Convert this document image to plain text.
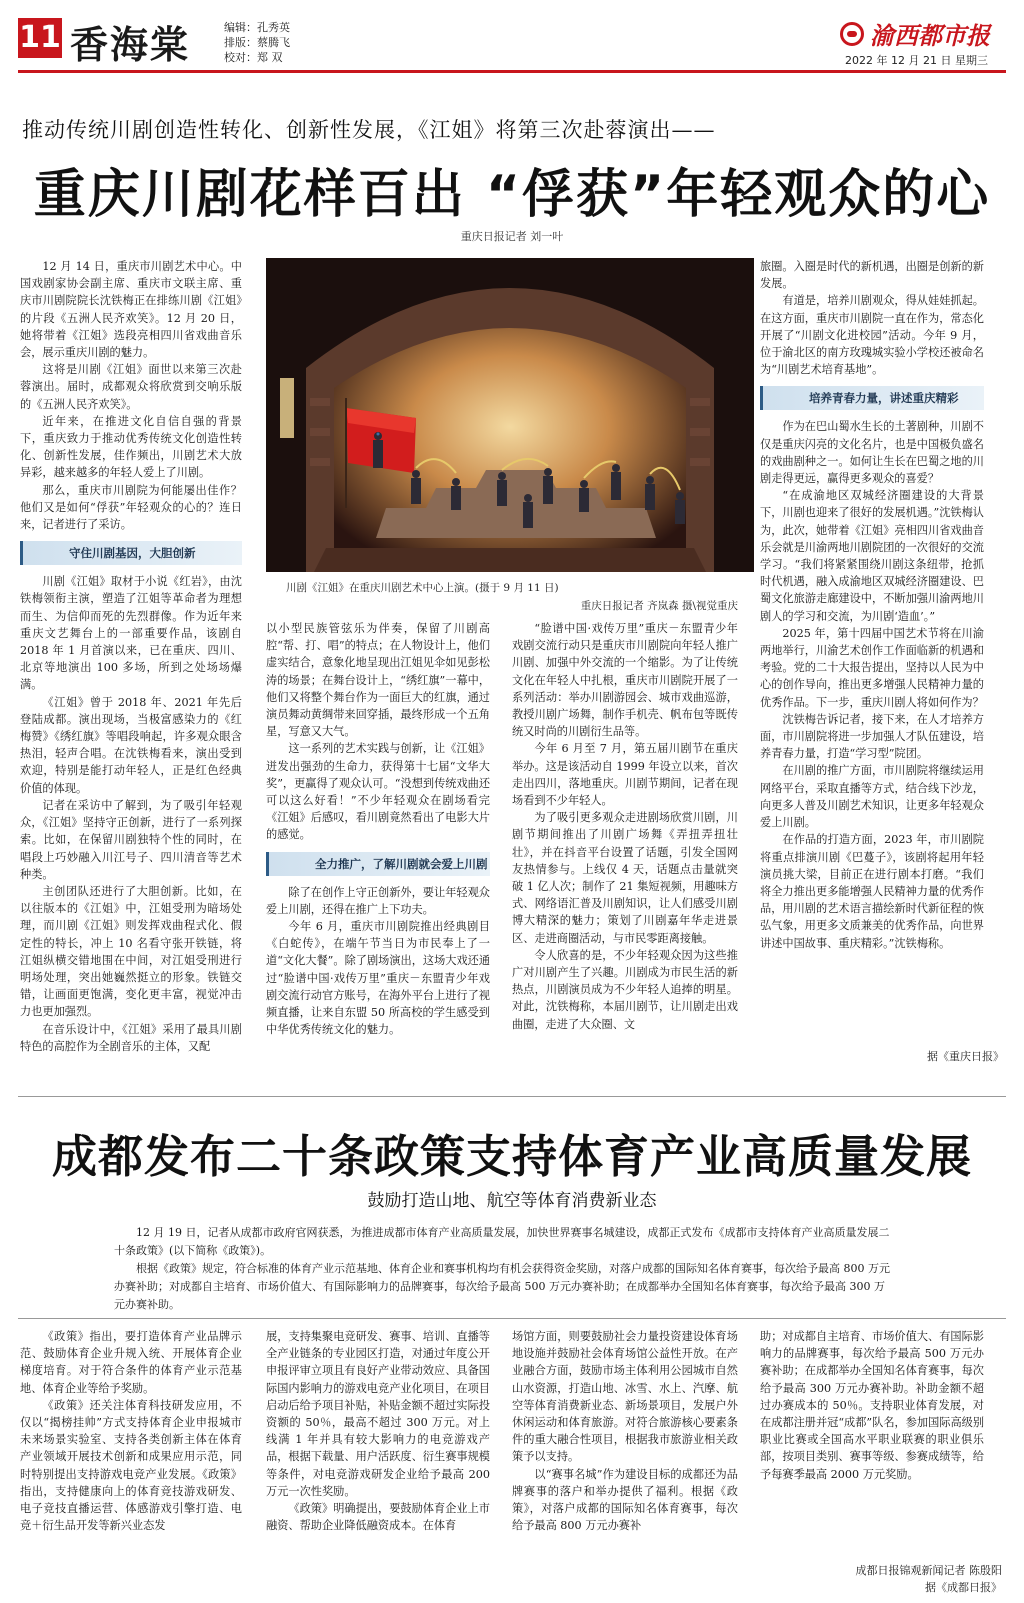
11 香海棠	编辑：孔秀英
排版：蔡腾飞
校对：郑 双
渝西都市报
2022 年 12 月 21 日 星期三
推动传统川剧创造性转化、创新性发展，《江姐》将第三次赴蓉演出——
重庆川剧花样百出 “俘获”年轻观众的心
重庆日报记者 刘一叶

12 月 14 日，重庆市川剧艺术中心。中国戏剧家协会副主席、重庆市文联主席、重庆市川剧院院长沈铁梅正在排练川剧《江姐》的片段《五洲人民齐欢笑》。12 月 20 日，她将带着《江姐》选段亮相四川省戏曲音乐会，展示重庆川剧的魅力。

这将是川剧《江姐》面世以来第三次赴蓉演出。届时，成都观众将欣赏到交响乐版的《五洲人民齐欢笑》。

近年来，在推进文化自信自强的背景下，重庆致力于推动优秀传统文化创造性转化、创新性发展，佳作频出，川剧艺术大放异彩，越来越多的年轻人爱上了川剧。

那么，重庆市川剧院为何能屡出佳作？他们又是如何“俘获”年轻观众的心的？连日来，记者进行了采访。

守住川剧基因，大胆创新

川剧《江姐》取材于小说《红岩》，由沈铁梅领衔主演，塑造了江姐等革命者为理想而生、为信仰而死的先烈群像。作为近年来重庆文艺舞台上的一部重要作品，该剧自 2018 年 1 月首演以来，已在重庆、四川、北京等地演出 100 多场，所到之处场场爆满。

《江姐》曾于 2018 年、2021 年先后登陆成都。演出现场，当极富感染力的《红梅赞》《绣红旗》等唱段响起，许多观众眼含热泪，轻声合唱。在沈铁梅看来，演出受到欢迎，特别是能打动年轻人，正是红色经典价值的体现。

记者在采访中了解到，为了吸引年轻观众，《江姐》坚持守正创新，进行了一系列探索。比如，在保留川剧独特个性的同时，在唱段上巧妙融入川江号子、四川清音等艺术种类。

主创团队还进行了大胆创新。比如，在以往版本的《江姐》中，江姐受刑为暗场处理，而川剧《江姐》则发挥戏曲程式化、假定性的特长，冲上 10 名看守张开铁链，将江姐纵横交错地围在中间，对江姐受刑进行明场处理，突出她巍然挺立的形象。铁链交错，让画面更饱满，变化更丰富，视觉冲击力也更加强烈。

在音乐设计中，《江姐》采用了最具川剧特色的高腔作为全剧音乐的主体，又配

川剧《江姐》在重庆川剧艺术中心上演。(摄于 9 月 11 日)
重庆日报记者 齐岚森 摄\视觉重庆

以小型民族管弦乐为伴奏，保留了川剧高腔“帮、打、唱”的特点；在人物设计上，他们虚实结合，意象化地呈现出江姐见伞如见彭松涛的场景；在舞台设计上，“绣红旗”一幕中，他们又将整个舞台作为一面巨大的红旗，通过演员舞动黄绸带来回穿插，最终形成一个五角星，写意又大气。

这一系列的艺术实践与创新，让《江姐》迸发出强劲的生命力，获得第十七届“文华大奖”，更赢得了观众认可。“没想到传统戏曲还可以这么好看！”不少年轻观众在剧场看完《江姐》后感叹，看川剧竟然看出了电影大片的感觉。

全力推广，了解川剧就会爱上川剧

除了在创作上守正创新外，要让年轻观众爱上川剧，还得在推广上下功夫。

今年 6 月，重庆市川剧院推出经典剧目《白蛇传》，在端午节当日为市民奉上了一道“文化大餐”。除了剧场演出，这场大戏还通过“脸谱中国·戏传万里”重庆－东盟青少年戏剧交流行动官方账号，在海外平台上进行了视频直播，让来自东盟 50 所高校的学生感受到中华优秀传统文化的魅力。

“脸谱中国·戏传万里”重庆－东盟青少年戏剧交流行动只是重庆市川剧院向年轻人推广川剧、加强中外交流的一个缩影。为了让传统文化在年轻人中扎根，重庆市川剧院开展了一系列活动：举办川剧游园会、城市戏曲巡游，教授川剧广场舞，制作手机壳、帆布包等既传统又时尚的川剧衍生品等。

今年 6 月至 7 月，第五届川剧节在重庆举办。这是该活动自 1999 年设立以来，首次走出四川，落地重庆。川剧节期间，记者在现场看到不少年轻人。

为了吸引更多观众走进剧场欣赏川剧，川剧节期间推出了川剧广场舞《弄扭弄扭壮壮》，并在抖音平台设置了话题，引发全国网友热情参与。上线仅 4 天，话题点击量就突破 1 亿人次；制作了 21 集短视频，用趣味方式、网络语汇普及川剧知识，让人们感受川剧博大精深的魅力；策划了川剧嘉年华走进景区、走进商圈活动，与市民零距离接触。

令人欣喜的是，不少年轻观众因为这些推广对川剧产生了兴趣。川剧成为市民生活的新热点，川剧演员成为不少年轻人追捧的明星。对此，沈铁梅称，本届川剧节，让川剧走出戏曲圈，走进了大众圈、文

旅圈。入圈是时代的新机遇，出圈是创新的新发展。

有道是，培养川剧观众，得从娃娃抓起。在这方面，重庆市川剧院一直在作为，常态化开展了“川剧文化进校园”活动。今年 9 月，位于渝北区的南方玫瑰城实验小学校还被命名为“川剧艺术培育基地”。

培养青春力量，讲述重庆精彩

作为在巴山蜀水生长的土著剧种，川剧不仅是重庆闪亮的文化名片，也是中国极负盛名的戏曲剧种之一。如何让生长在巴蜀之地的川剧走得更远，赢得更多观众的喜爱？

“在成渝地区双城经济圈建设的大背景下，川剧也迎来了很好的发展机遇。”沈铁梅认为，此次，她带着《江姐》亮相四川省戏曲音乐会就是川渝两地川剧院团的一次很好的交流学习。“我们将紧紧围绕川剧这条纽带，抢抓时代机遇，融入成渝地区双城经济圈建设、巴蜀文化旅游走廊建设中，不断加强川渝两地川剧人的学习和交流，为川剧‘造血’。”

2025 年，第十四届中国艺术节将在川渝两地举行，川渝艺术创作工作面临新的机遇和考验。党的二十大报告提出，坚持以人民为中心的创作导向，推出更多增强人民精神力量的优秀作品。下一步，重庆川剧人将如何作为？

沈铁梅告诉记者，接下来，在人才培养方面，市川剧院将进一步加强人才队伍建设，培养青春力量，打造“学习型”院团。

在川剧的推广方面，市川剧院将继续运用网络平台，采取直播等方式，结合线下沙龙，向更多人普及川剧艺术知识，让更多年轻观众爱上川剧。

在作品的打造方面，2023 年，市川剧院将重点排演川剧《巴蔓子》，该剧将起用年轻演员挑大梁，目前正在进行剧本打磨。“我们将全力推出更多能增强人民精神力量的优秀作品，用川剧的艺术语言描绘新时代新征程的恢弘气象，用更多文质兼美的优秀作品，向世界讲述中国故事、重庆精彩。”沈铁梅称。

据《重庆日报》
成都发布二十条政策支持体育产业高质量发展
鼓励打造山地、航空等体育消费新业态

12 月 19 日，记者从成都市政府官网获悉，为推进成都市体育产业高质量发展，加快世界赛事名城建设，成都正式发布《成都市支持体育产业高质量发展二十条政策》(以下简称《政策》)。

根据《政策》规定，符合标准的体育产业示范基地、体育企业和赛事机构均有机会获得资金奖励，对落户成都的国际知名体育赛事，每次给予最高 800 万元办赛补助；对成都自主培育、市场价值大、有国际影响力的品牌赛事，每次给予最高 500 万元办赛补助；在成都举办全国知名体育赛事，每次给予最高 300 万元办赛补助。

《政策》指出，要打造体育产业品牌示范、鼓励体育企业升规入统、开展体育企业梯度培育。对于符合条件的体育产业示范基地、体育企业等给予奖励。

《政策》还关注体育科技研发应用，不仅以“揭榜挂帅”方式支持体育企业申报城市未来场景实验室、支持各类创新主体在体育产业领域开展技术创新和成果应用示范，同时特别提出支持游戏电竞产业发展。《政策》指出，支持健康向上的体育竞技游戏研发、电子竞技直播运营、体感游戏引擎打造、电竞＋衍生品开发等新兴业态发

展，支持集聚电竞研发、赛事、培训、直播等全产业链条的专业园区打造，对通过年度公开申报评审立项且有良好产业带动效应、具备国际国内影响力的游戏电竞产业化项目，在项目启动后给予项目补贴，补贴金额不超过实际投资额的 50％，最高不超过 300 万元。对上线满 1 年并具有较大影响力的电竞游戏产品，根据下载量、用户活跃度、衍生赛事规模等条件，对电竞游戏研发企业给予最高 200 万元一次性奖励。

《政策》明确提出，要鼓励体育企业上市融资、帮助企业降低融资成本。在体育

场馆方面，则要鼓励社会力量投资建设体育场地设施并鼓励社会体育场馆公益性开放。在产业融合方面，鼓励市场主体利用公园城市自然山水资源，打造山地、冰雪、水上、汽摩、航空等体育消费新业态、新场景项目，发展户外休闲运动和体育旅游。对符合旅游核心要素条件的重大融合性项目，根据我市旅游业相关政策予以支持。

以“赛事名城”作为建设目标的成都还为品牌赛事的落户和举办提供了福利。根据《政策》，对落户成都的国际知名体育赛事，每次给予最高 800 万元办赛补

助；对成都自主培育、市场价值大、有国际影响力的品牌赛事，每次给予最高 500 万元办赛补助；在成都举办全国知名体育赛事，每次给予最高 300 万元办赛补助。补助金额不超过办赛成本的 50％。支持职业体育发展，对在成都注册并冠“成都”队名，参加国际高级别职业比赛或全国高水平职业联赛的职业俱乐部，按项目类别、赛事等级、参赛成绩等，给予每赛季最高 2000 万元奖励。

成都日报锦观新闻记者 陈殷阳
据《成都日报》
